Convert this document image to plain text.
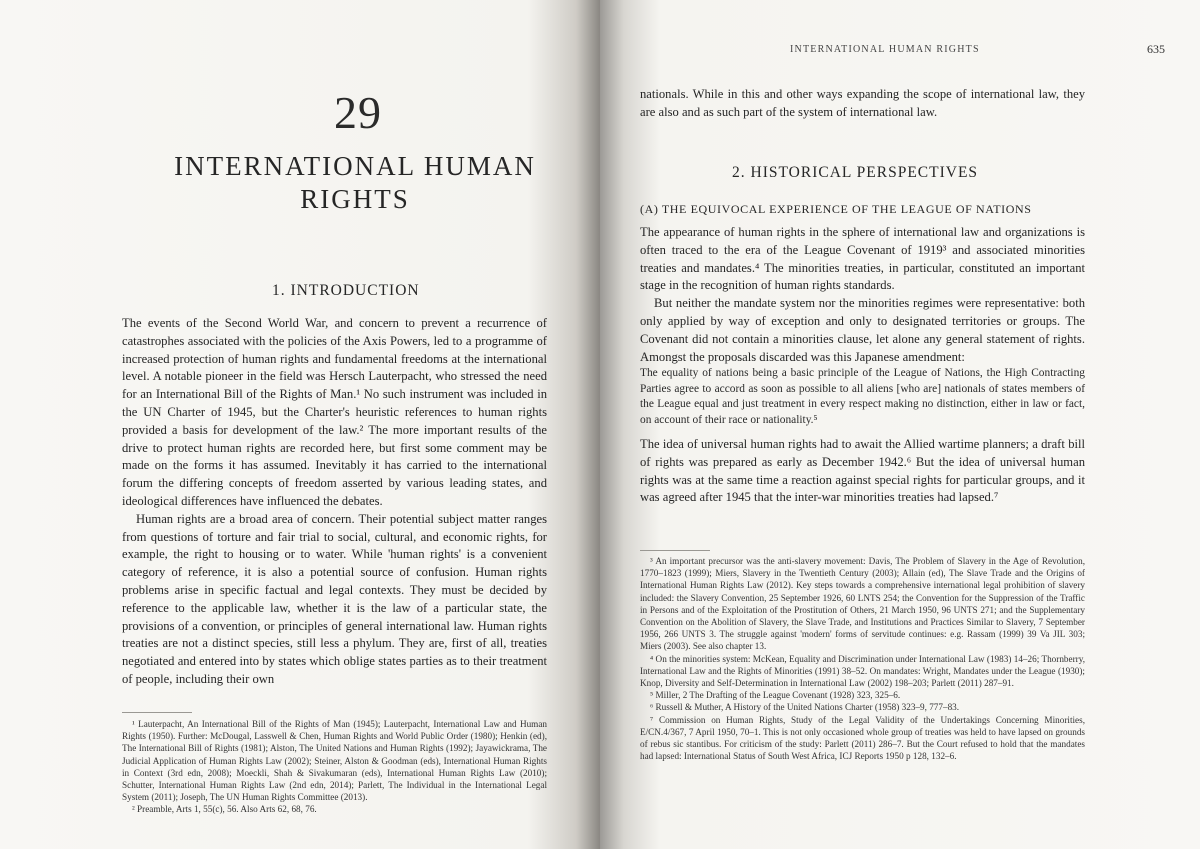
29
INTERNATIONAL HUMAN RIGHTS
1. INTRODUCTION

The events of the Second World War, and concern to prevent a recurrence of catastrophes associated with the policies of the Axis Powers, led to a programme of increased protection of human rights and fundamental freedoms at the international level. A notable pioneer in the field was Hersch Lauterpacht, who stressed the need for an International Bill of the Rights of Man.¹ No such instrument was included in the UN Charter of 1945, but the Charter's heuristic references to human rights provided a basis for development of the law.² The more important results of the drive to protect human rights are recorded here, but first some comment may be made on the forms it has assumed. Inevitably it has carried to the international forum the differing concepts of freedom asserted by various leading states, and ideological differences have influenced the debates.

Human rights are a broad area of concern. Their potential subject matter ranges from questions of torture and fair trial to social, cultural, and economic rights, for example, the right to housing or to water. While 'human rights' is a convenient category of reference, it is also a potential source of confusion. Human rights problems arise in specific factual and legal contexts. They must be decided by reference to the applicable law, whether it is the law of a particular state, the provisions of a convention, or principles of general international law. Human rights treaties are not a distinct species, still less a phylum. They are, first of all, treaties negotiated and entered into by states which oblige states parties as to their treatment of people, including their own

¹ Lauterpacht, An International Bill of the Rights of Man (1945); Lauterpacht, International Law and Human Rights (1950). Further: McDougal, Lasswell & Chen, Human Rights and World Public Order (1980); Henkin (ed), The International Bill of Rights (1981); Alston, The United Nations and Human Rights (1992); Jayawickrama, The Judicial Application of Human Rights Law (2002); Steiner, Alston & Goodman (eds), International Human Rights in Context (3rd edn, 2008); Moeckli, Shah & Sivakumaran (eds), International Human Rights Law (2010); Schutter, International Human Rights Law (2nd edn, 2014); Parlett, The Individual in the International Legal System (2011); Joseph, The UN Human Rights Committee (2013).

² Preamble, Arts 1, 55(c), 56. Also Arts 62, 68, 76.

INTERNATIONAL HUMAN RIGHTS	635

nationals. While in this and other ways expanding the scope of international law, they are also and as such part of the system of international law.

2. HISTORICAL PERSPECTIVES
(A) THE EQUIVOCAL EXPERIENCE OF THE LEAGUE OF NATIONS

The appearance of human rights in the sphere of international law and organizations is often traced to the era of the League Covenant of 1919³ and associated minorities treaties and mandates.⁴ The minorities treaties, in particular, constituted an important stage in the recognition of human rights standards.

But neither the mandate system nor the minorities regimes were representative: both only applied by way of exception and only to designated territories or groups. The Covenant did not contain a minorities clause, let alone any general statement of rights. Amongst the proposals discarded was this Japanese amendment:

The equality of nations being a basic principle of the League of Nations, the High Contracting Parties agree to accord as soon as possible to all aliens [who are] nationals of states members of the League equal and just treatment in every respect making no distinction, either in law or fact, on account of their race or nationality.⁵

The idea of universal human rights had to await the Allied wartime planners; a draft bill of rights was prepared as early as December 1942.⁶ But the idea of universal human rights was at the same time a reaction against special rights for particular groups, and it was agreed after 1945 that the inter-war minorities treaties had lapsed.⁷

³ An important precursor was the anti-slavery movement: Davis, The Problem of Slavery in the Age of Revolution, 1770–1823 (1999); Miers, Slavery in the Twentieth Century (2003); Allain (ed), The Slave Trade and the Origins of International Human Rights Law (2012). Key steps towards a comprehensive international legal prohibition of slavery included: the Slavery Convention, 25 September 1926, 60 LNTS 254; the Convention for the Suppression of the Traffic in Persons and of the Exploitation of the Prostitution of Others, 21 March 1950, 96 UNTS 271; and the Supplementary Convention on the Abolition of Slavery, the Slave Trade, and Institutions and Practices Similar to Slavery, 7 September 1956, 266 UNTS 3. The struggle against 'modern' forms of servitude continues: e.g. Rassam (1999) 39 Va JIL 303; Miers (2003). See also chapter 13.

⁴ On the minorities system: McKean, Equality and Discrimination under International Law (1983) 14–26; Thornberry, International Law and the Rights of Minorities (1991) 38–52. On mandates: Wright, Mandates under the League (1930); Knop, Diversity and Self-Determination in International Law (2002) 198–203; Parlett (2011) 287–91.

⁵ Miller, 2 The Drafting of the League Covenant (1928) 323, 325–6.

⁶ Russell & Muther, A History of the United Nations Charter (1958) 323–9, 777–83.

⁷ Commission on Human Rights, Study of the Legal Validity of the Undertakings Concerning Minorities, E/CN.4/367, 7 April 1950, 70–1. This is not only occasioned whole group of treaties was held to have lapsed on grounds of rebus sic stantibus. For criticism of the study: Parlett (2011) 286–7. But the Court refused to hold that the mandates had lapsed: International Status of South West Africa, ICJ Reports 1950 p 128, 132–6.
